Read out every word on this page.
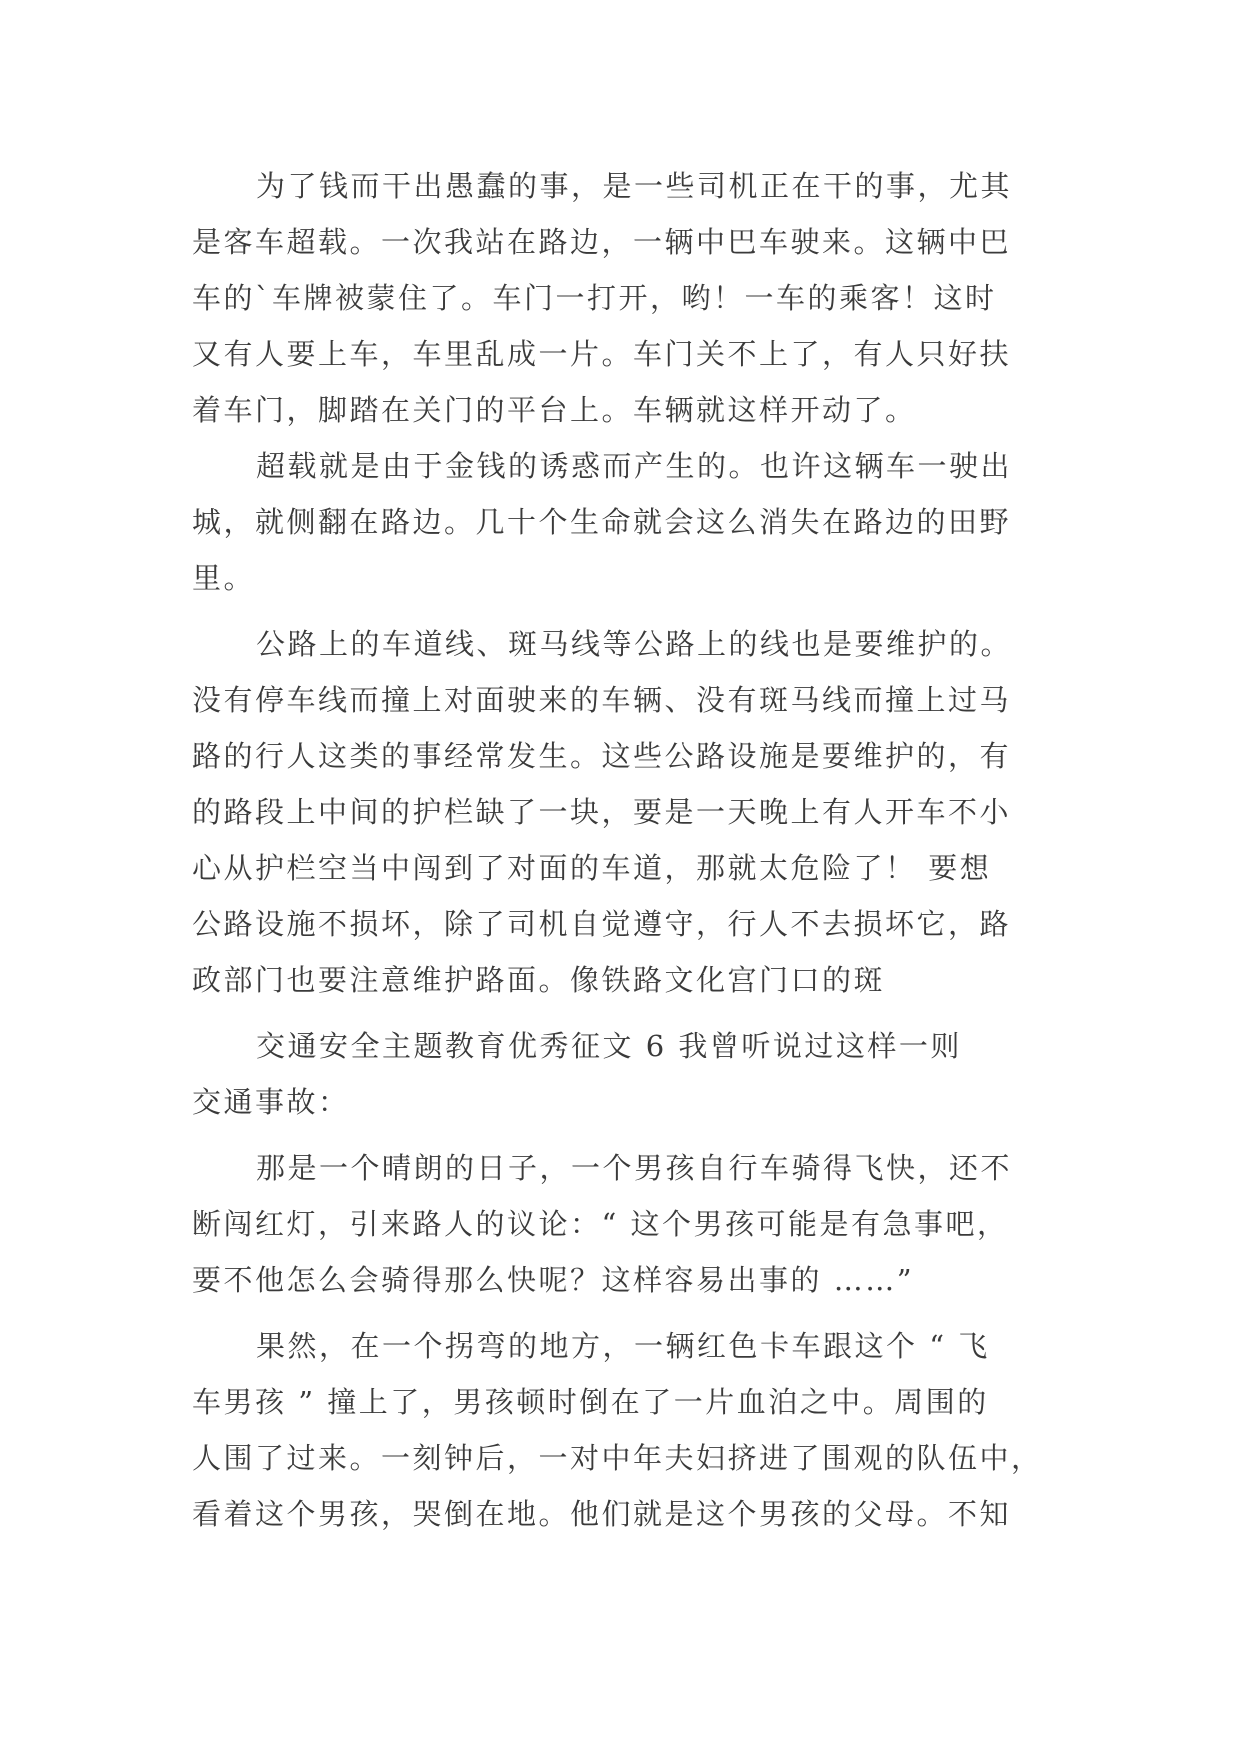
为了钱而干出愚蠢的事，是一些司机正在干的事，尤其

是客车超载。一次我站在路边，一辆中巴车驶来。这辆中巴

车的`车牌被蒙住了。车门一打开，哟！一车的乘客！这时

又有人要上车，车里乱成一片。车门关不上了，有人只好扶

着车门，脚踏在关门的平台上。车辆就这样开动了。

超载就是由于金钱的诱惑而产生的。也许这辆车一驶出

城，就侧翻在路边。几十个生命就会这么消失在路边的田野

里。

公路上的车道线、斑马线等公路上的线也是要维护的。

没有停车线而撞上对面驶来的车辆、没有斑马线而撞上过马

路的行人这类的事经常发生。这些公路设施是要维护的，有

的路段上中间的护栏缺了一块，要是一天晚上有人开车不小

心从护栏空当中闯到了对面的车道，那就太危险了！ 要想

公路设施不损坏，除了司机自觉遵守，行人不去损坏它，路

政部门也要注意维护路面。像铁路文化宫门口的斑

交通安全主题教育优秀征文 6 我曾听说过这样一则

交通事故：

那是一个晴朗的日子，一个男孩自行车骑得飞快，还不

断闯红灯，引来路人的议论：“ 这个男孩可能是有急事吧，

要不他怎么会骑得那么快呢？这样容易出事的 ……”

果然，在一个拐弯的地方，一辆红色卡车跟这个 “ 飞

车男孩 ” 撞上了，男孩顿时倒在了一片血泊之中。周围的

人围了过来。一刻钟后，一对中年夫妇挤进了围观的队伍中，

看着这个男孩，哭倒在地。他们就是这个男孩的父母。不知
